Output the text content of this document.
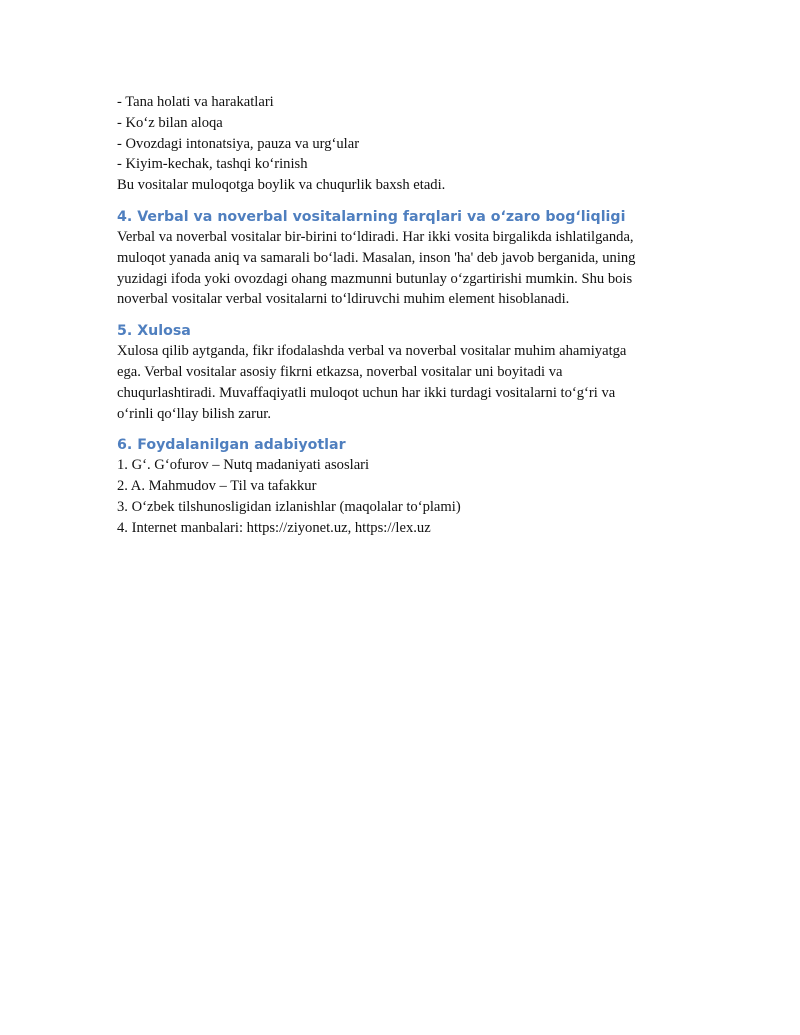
- Tana holati va harakatlari
- Ko‘z bilan aloqa
- Ovozdagi intonatsiya, pauza va urg‘ular
- Kiyim-kechak, tashqi ko‘rinish
Bu vositalar muloqotga boylik va chuqurlik baxsh etadi.
4. Verbal va noverbal vositalarning farqlari va o‘zaro bog‘liqligi
Verbal va noverbal vositalar bir-birini to‘ldiradi. Har ikki vosita birgalikda ishlatilganda,
muloqot yanada aniq va samarali bo‘ladi. Masalan, inson 'ha' deb javob berganida, uning
yuzidagi ifoda yoki ovozdagi ohang mazmunni butunlay o‘zgartirishi mumkin. Shu bois
noverbal vositalar verbal vositalarni to‘ldiruvchi muhim element hisoblanadi.
5. Xulosa
Xulosa qilib aytganda, fikr ifodalashda verbal va noverbal vositalar muhim ahamiyatga
ega. Verbal vositalar asosiy fikrni etkazsa, noverbal vositalar uni boyitadi va
chuqurlashtiradi. Muvaffaqiyatli muloqot uchun har ikki turdagi vositalarni to‘g‘ri va
o‘rinli qo‘llay bilish zarur.
6. Foydalanilgan adabiyotlar
1. G‘. G‘ofurov – Nutq madaniyati asoslari
2. A. Mahmudov – Til va tafakkur
3. O‘zbek tilshunosligidan izlanishlar (maqolalar to‘plami)
4. Internet manbalari: https://ziyonet.uz, https://lex.uz
